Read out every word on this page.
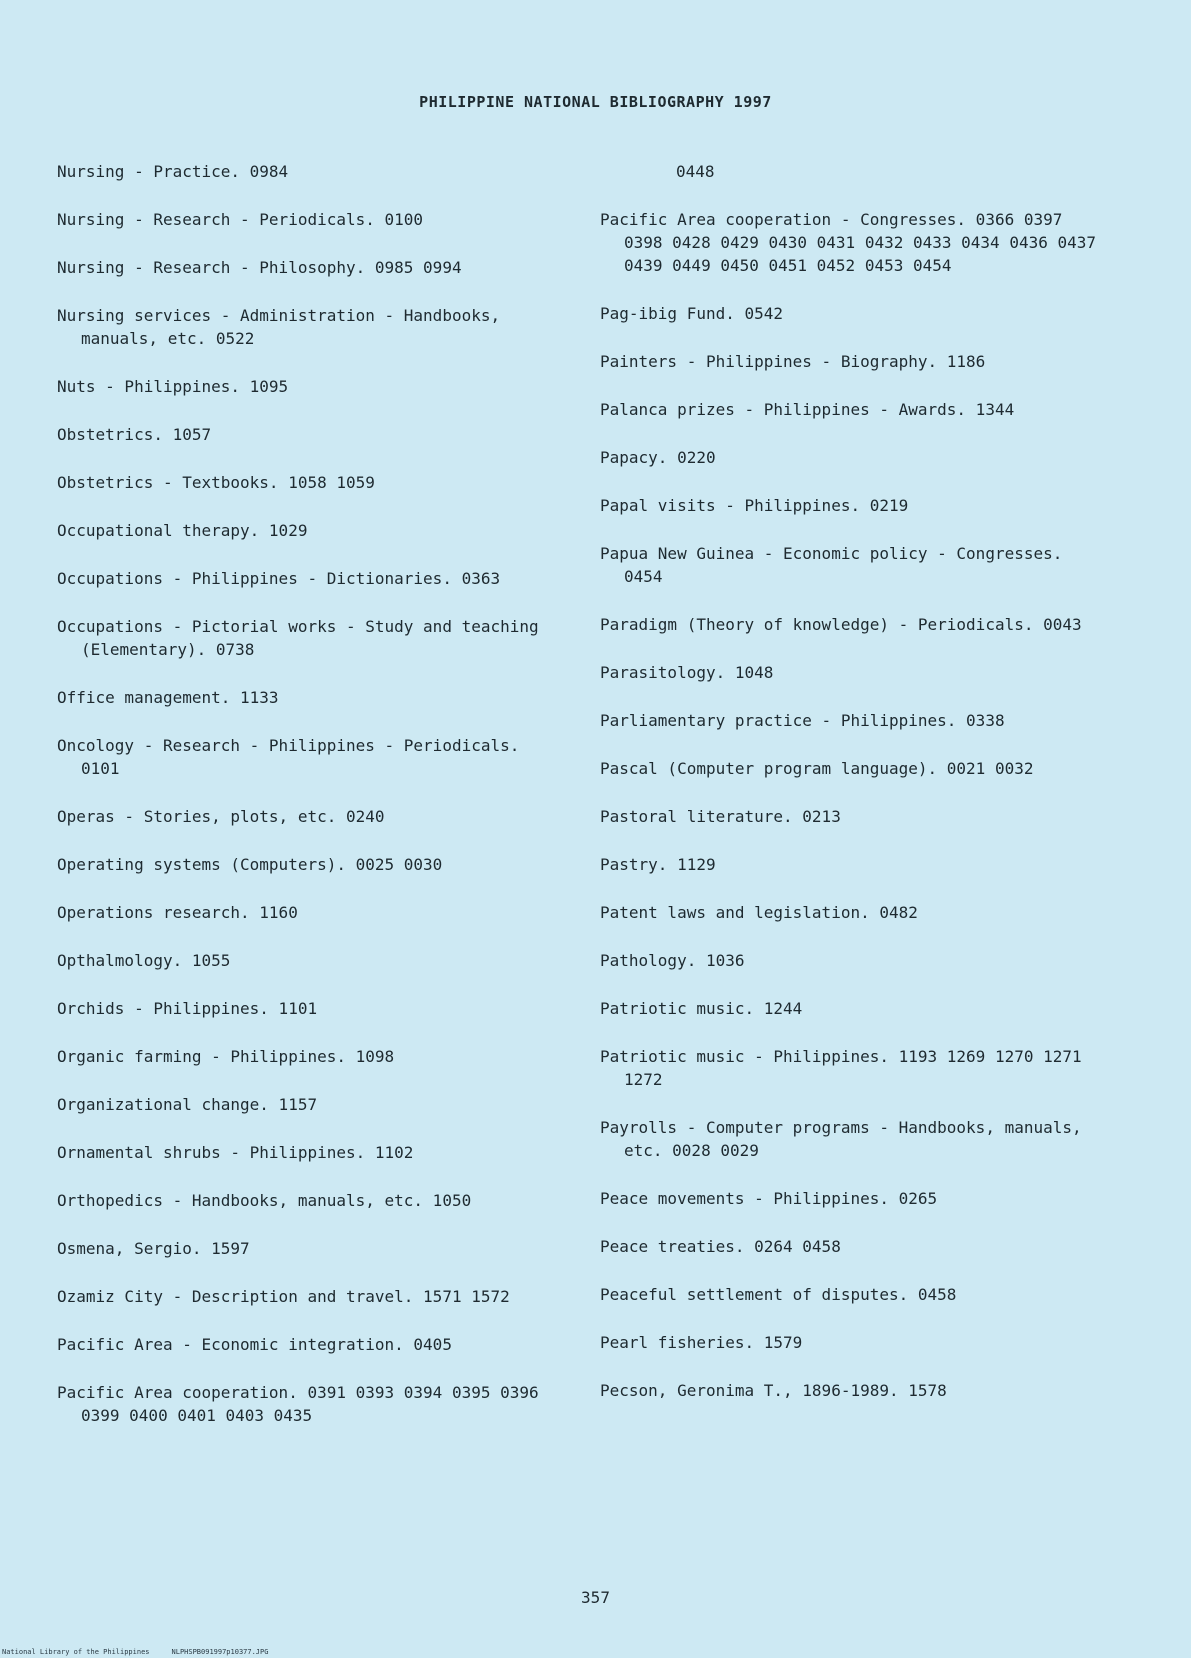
PHILIPPINE NATIONAL BIBLIOGRAPHY 1997

Nursing - Practice. 0984

Nursing - Research - Periodicals. 0100

Nursing - Research - Philosophy. 0985 0994

Nursing services - Administration - Handbooks, manuals, etc. 0522

Nuts - Philippines. 1095

Obstetrics. 1057

Obstetrics - Textbooks. 1058 1059

Occupational therapy. 1029

Occupations - Philippines - Dictionaries. 0363

Occupations - Pictorial works - Study and teaching (Elementary). 0738

Office management. 1133

Oncology - Research - Philippines - Periodicals. 0101

Operas - Stories, plots, etc. 0240

Operating systems (Computers). 0025 0030

Operations research. 1160

Opthalmology. 1055

Orchids - Philippines. 1101

Organic farming - Philippines. 1098

Organizational change. 1157

Ornamental shrubs - Philippines. 1102

Orthopedics - Handbooks, manuals, etc. 1050

Osmena, Sergio. 1597

Ozamiz City - Description and travel. 1571 1572

Pacific Area - Economic integration. 0405

Pacific Area cooperation. 0391 0393 0394 0395 0396 0399 0400 0401 0403 0435

0448

Pacific Area cooperation - Congresses. 0366 0397 0398 0428 0429 0430 0431 0432 0433 0434 0436 0437 0439 0449 0450 0451 0452 0453 0454

Pag-ibig Fund. 0542

Painters - Philippines - Biography. 1186

Palanca prizes - Philippines - Awards. 1344

Papacy. 0220

Papal visits - Philippines. 0219

Papua New Guinea - Economic policy - Congresses. 0454

Paradigm (Theory of knowledge) - Periodicals. 0043

Parasitology. 1048

Parliamentary practice - Philippines. 0338

Pascal (Computer program language). 0021 0032

Pastoral literature. 0213

Pastry. 1129

Patent laws and legislation. 0482

Pathology. 1036

Patriotic music. 1244

Patriotic music - Philippines. 1193 1269 1270 1271 1272

Payrolls - Computer programs - Handbooks, manuals, etc. 0028 0029

Peace movements - Philippines. 0265

Peace treaties. 0264 0458

Peaceful settlement of disputes. 0458

Pearl fisheries. 1579

Pecson, Geronima T., 1896-1989. 1578

357
National Library of the Philippines	NLPHSPB091997p10377.JPG
